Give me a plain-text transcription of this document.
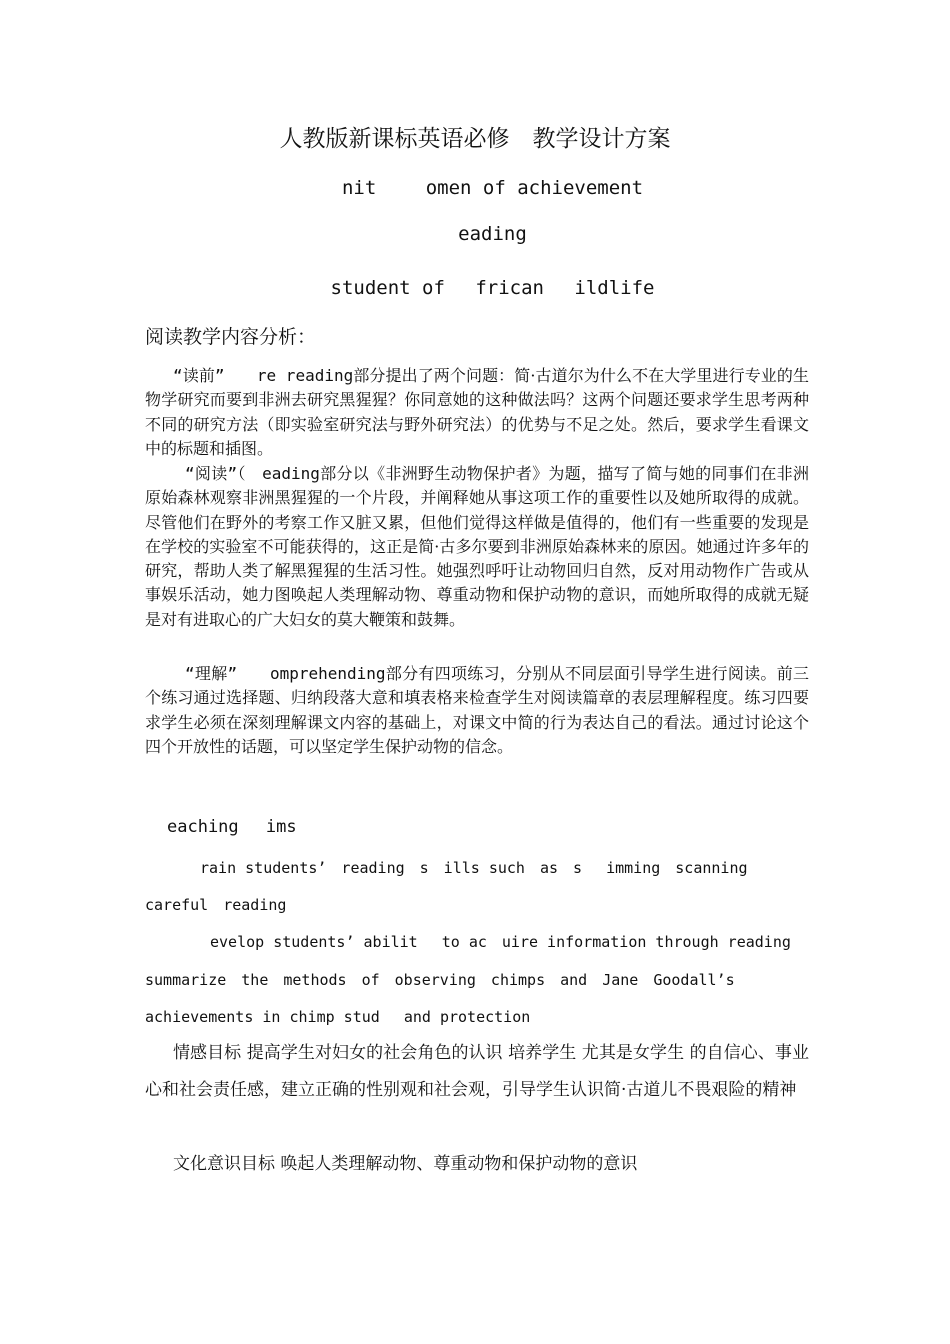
人教版新课标英语必修　教学设计方案
nit　　 omen of achievement
eading
student of　 frican　 ildlife
阅读教学内容分析：
“读前”　　re reading部分提出了两个问题：简·古道尔为什么不在大学里进行专业的生物学研究而要到非洲去研究黑猩猩？你同意她的这种做法吗？这两个问题还要求学生思考两种不同的研究方法（即实验室研究法与野外研究法）的优势与不足之处。然后，要求学生看课文中的标题和插图。
“阅读”（　eading部分以《非洲野生动物保护者》为题，描写了简与她的同事们在非洲原始森林观察非洲黑猩猩的一个片段，并阐释她从事这项工作的重要性以及她所取得的成就。尽管他们在野外的考察工作又脏又累，但他们觉得这样做是值得的，他们有一些重要的发现是在学校的实验室不可能获得的，这正是简·古多尔要到非洲原始森林来的原因。她通过许多年的研究，帮助人类了解黑猩猩的生活习性。她强烈呼吁让动物回归自然，反对用动物作广告或从事娱乐活动，她力图唤起人类理解动物、尊重动物和保护动物的意识，而她所取得的成就无疑是对有进取心的广大妇女的莫大鞭策和鼓舞。
“理解”　　omprehending部分有四项练习，分别从不同层面引导学生进行阅读。前三个练习通过选择题、归纳段落大意和填表格来检查学生对阅读篇章的表层理解程度。练习四要求学生必须在深刻理解课文内容的基础上，对课文中简的行为表达自己的看法。通过讨论这个四个开放性的话题，可以坚定学生保护动物的信念。
eaching　 ims
rain students’　reading　s　ills such　as　s　 imming　scanning
careful　reading
evelop students’ abilit　 to ac　uire information through reading
summarize　the　methods　of　observing　chimps　and　Jane　Goodall’s
achievements in chimp stud　 and protection
情感目标 提高学生对妇女的社会角色的认识 培养学生 尤其是女学生 的自信心、事业心和社会责任感，建立正确的性别观和社会观，引导学生认识简·古道儿不畏艰险的精神
文化意识目标 唤起人类理解动物、尊重动物和保护动物的意识
